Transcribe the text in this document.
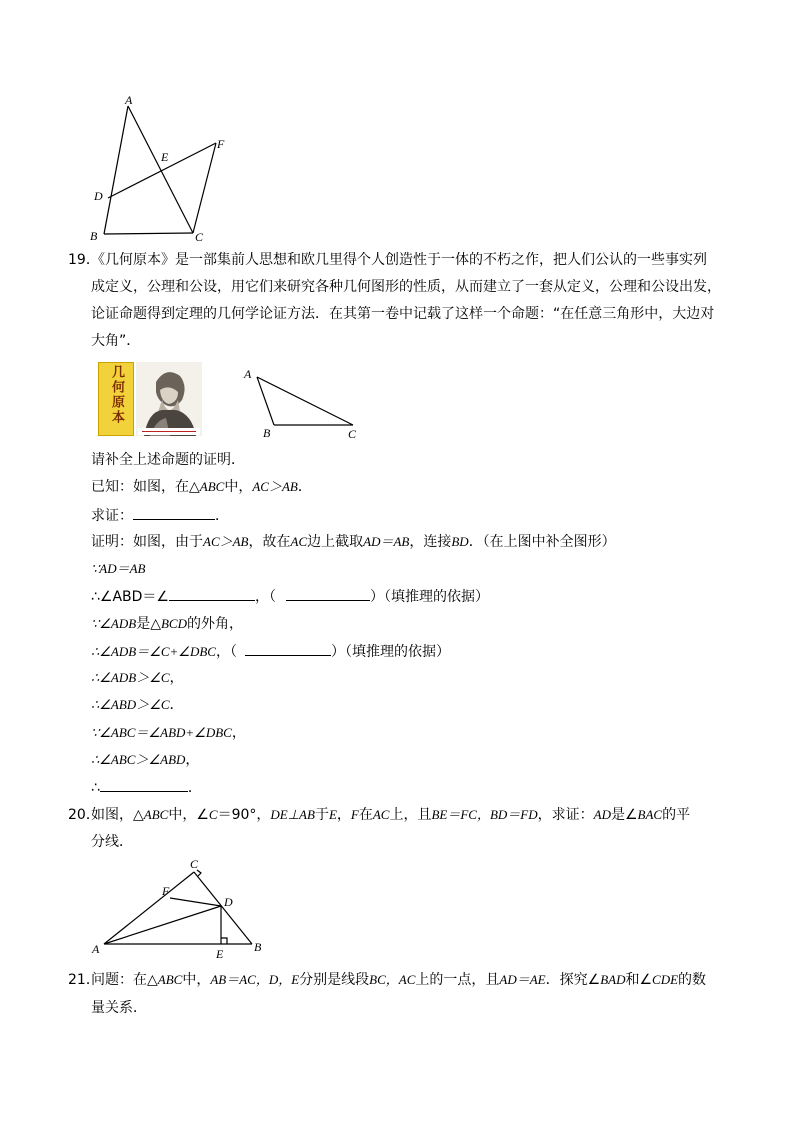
A
B	C
D
E
F
19．
《几何原本》是一部集前人思想和欧几里得个人创造性于一体的不朽之作，把人们公认的一些事实列
成定义，公理和公设，用它们来研究各种几何图形的性质，从而建立了一套从定义，公理和公设出发，
论证命题得到定理的几何学论证方法．在其第一卷中记载了这样一个命题：“在任意三角形中，大边对
大角”．
几何原本	A
B	C
请补全上述命题的证明．
已知：如图，在△ABC中，AC＞AB．
求证：	．
证明：如图，由于AC＞AB，故在AC边上截取AD＝AB，连接BD．（在上图中补全图形）
∵AD＝AB
∴∠ABD＝∠	，（	）（填推理的依据）
∵∠ADB是△BCD的外角，
∴∠ADB＝∠C+∠DBC，（	）（填推理的依据）
∴∠ADB＞∠C，
∴∠ABD＞∠C．
∵∠ABC＝∠ABD+∠DBC，
∴∠ABC＞∠ABD，
∴	．
20．
如图，△ABC中，∠C＝90°，DE⊥AB于E，F在AC上，且BE＝FC，BD＝FD，求证：AD是∠BAC的平
分线．
A	B
C
D
E
F
21．
问题：在△ABC中，AB＝AC，D，E分别是线段BC，AC上的一点，且AD＝AE．探究∠BAD和∠CDE的数
量关系．
